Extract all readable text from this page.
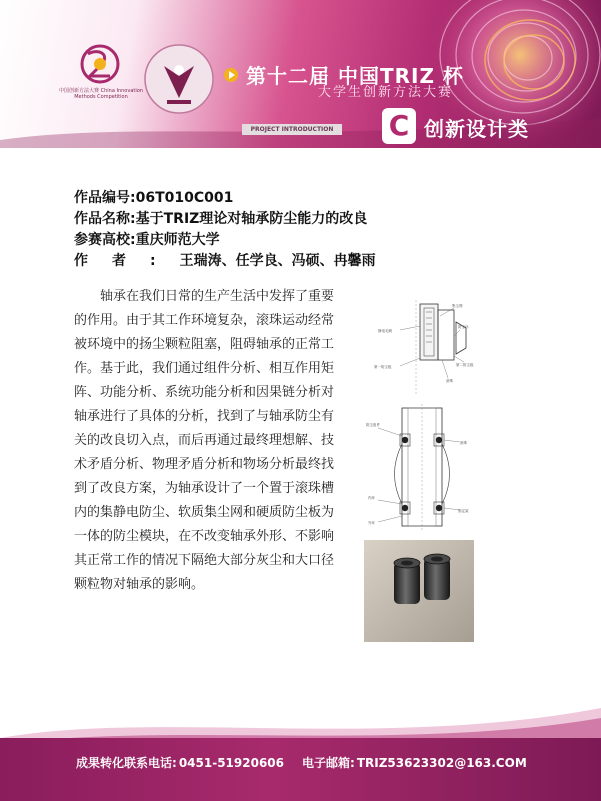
中国创新方法大赛 China Innovation Methods Competition
第十二届 中国TRIZ 杯
大学生创新方法大赛
PROJECT INTRODUCTION	C 创新设计类
作品编号:06T010C001
作品名称:基于TRIZ理论对轴承防尘能力的改良
参赛高校:重庆师范大学
作者:王瑞涛、任学良、冯硕、冉馨雨
轴承在我们日常的生产生活中发挥了重要的作用。由于其工作环境复杂，滚珠运动经常被环境中的扬尘颗粒阻塞，阻碍轴承的正常工作。基于此，我们通过组件分析、相互作用矩阵、功能分析、系统功能分析和因果链分析对轴承进行了具体的分析，找到了与轴承防尘有关的改良切入点，而后再通过最终理想解、技术矛盾分析、物理矛盾分析和物场分析最终找到了改良方案，为轴承设计了一个置于滚珠槽内的集静电防尘、软质集尘网和硬质防尘板为一体的防尘模块，在不改变轴承外形、不影响其正常工作的情况下隔绝大部分灰尘和大口径颗粒物对轴承的影响。
静电毛刷
集尘网
第一防尘板
防尘环
第二防尘板
滚珠
防尘组件
滚珠
内环
外环
固定架
成果转化联系电话: 0451-51920606 电子邮箱: TRIZ53623302@163.COM
